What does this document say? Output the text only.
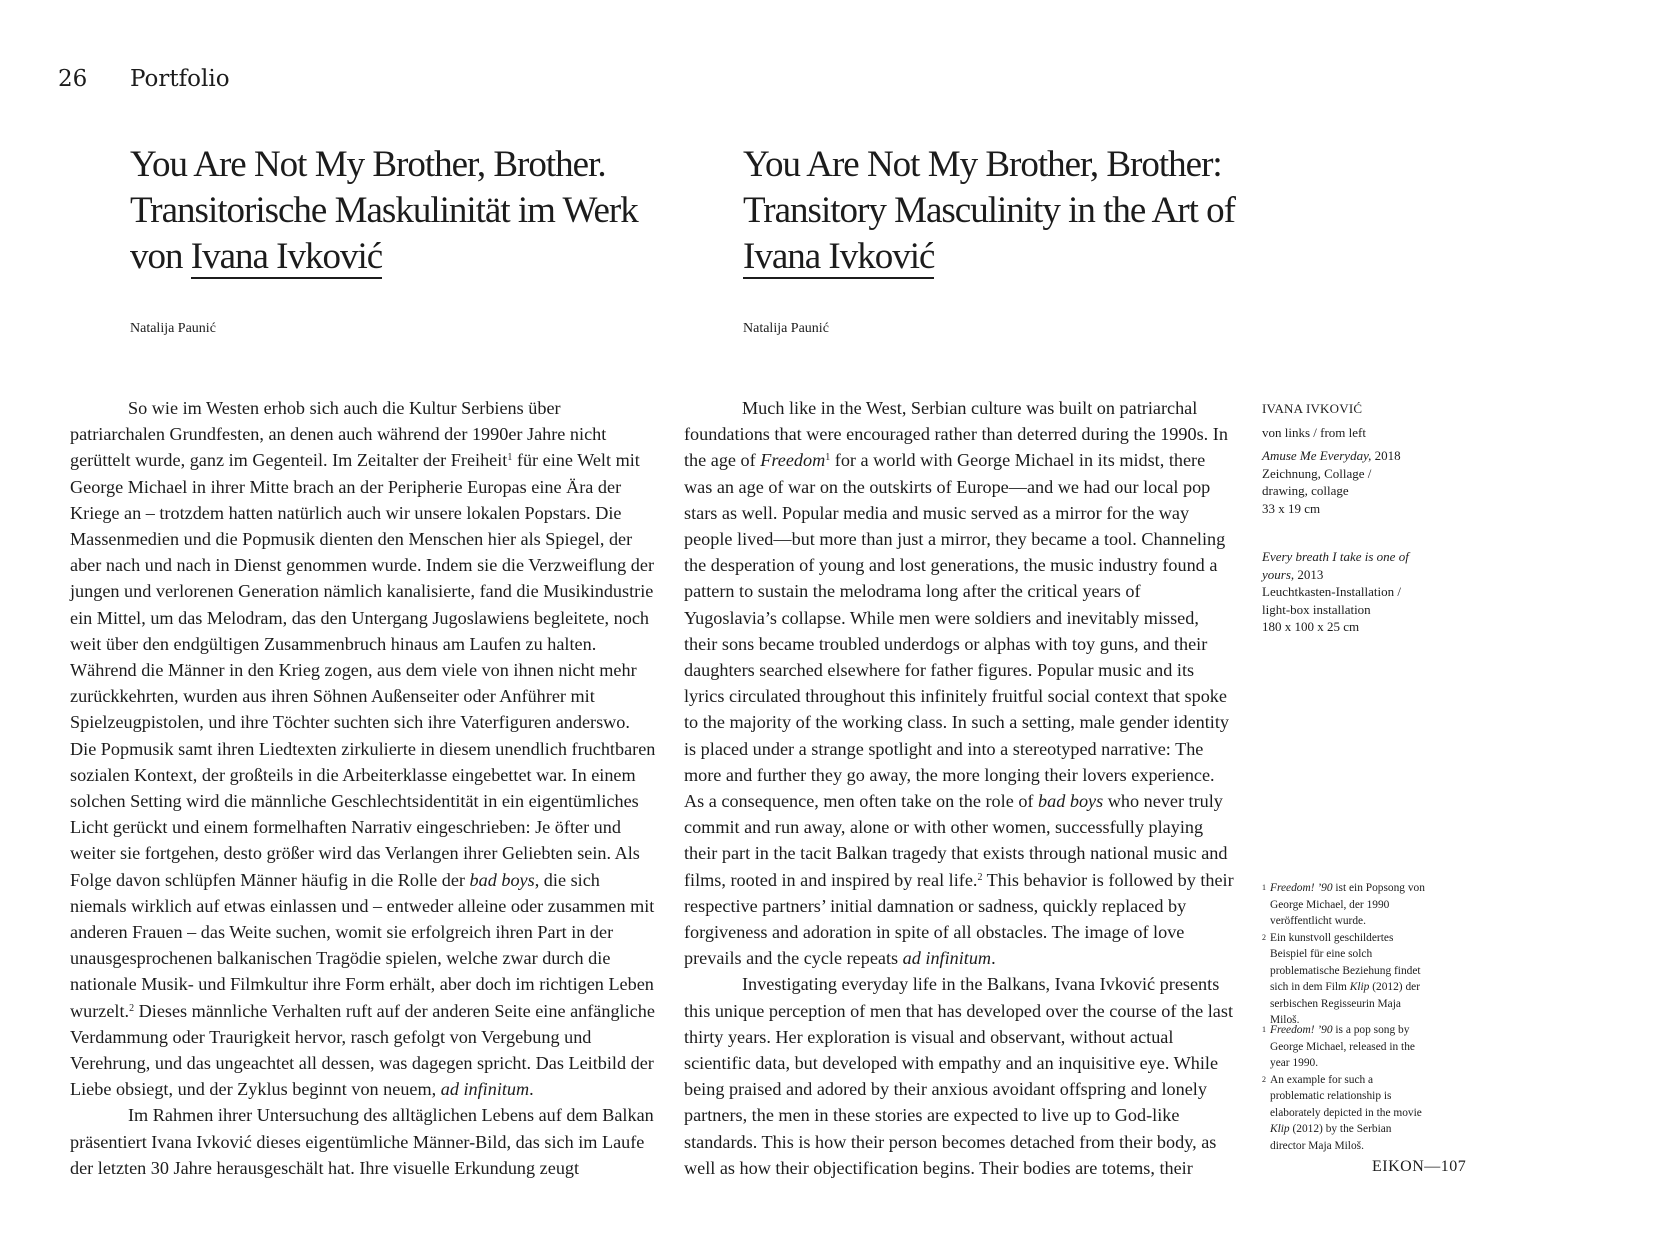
26 Portfolio
You Are Not My Brother, Brother. Transitorische Maskulinität im Werk von Ivana Ivković
You Are Not My Brother, Brother: Transitory Masculinity in the Art of Ivana Ivković
Natalija Paunić	Natalija Paunić

So wie im Westen erhob sich auch die Kultur Serbiens über patriarchalen Grundfesten, an denen auch während der 1990er Jahre nicht gerüttelt wurde, ganz im Gegenteil. Im Zeitalter der Freiheit$^1$ für eine Welt mit George Michael in ihrer Mitte brach an der Peripherie Europas eine Ära der Kriege an – trotzdem hatten natürlich auch wir unsere lokalen Popstars. Die Massenmedien und die Popmusik dienten den Menschen hier als Spiegel, der aber nach und nach in Dienst genommen wurde. Indem sie die Verzweiflung der jungen und verlorenen Generation nämlich kanalisierte, fand die Musikindustrie ein Mittel, um das Melodram, das den Untergang Jugoslawiens begleitete, noch weit über den endgültigen Zusammenbruch hinaus am Laufen zu halten. Während die Männer in den Krieg zogen, aus dem viele von ihnen nicht mehr zurückkehrten, wurden aus ihren Söhnen Außenseiter oder Anführer mit Spielzeugpistolen, und ihre Töchter suchten sich ihre Vaterfiguren anderswo. Die Popmusik samt ihren Liedtexten zirkulierte in diesem unendlich fruchtbaren sozialen Kontext, der großteils in die Arbeiterklasse eingebettet war. In einem solchen Setting wird die männliche Geschlechtsidentität in ein eigentümliches Licht gerückt und einem formelhaften Narrativ eingeschrieben: Je öfter und weiter sie fortgehen, desto größer wird das Verlangen ihrer Geliebten sein. Als Folge davon schlüpfen Männer häufig in die Rolle der bad boys, die sich niemals wirklich auf etwas einlassen und – entweder alleine oder zusammen mit anderen Frauen – das Weite suchen, womit sie erfolgreich ihren Part in der unausgesprochenen balkanischen Tragödie spielen, welche zwar durch die nationale Musik- und Filmkultur ihre Form erhält, aber doch im richtigen Leben wurzelt.$^2$ Dieses männliche Verhalten ruft auf der anderen Seite eine anfängliche Verdammung oder Traurigkeit hervor, rasch gefolgt von Vergebung und Verehrung, und das ungeachtet all dessen, was dagegen spricht. Das Leitbild der Liebe obsiegt, und der Zyklus beginnt von neuem, ad infinitum.

Im Rahmen ihrer Untersuchung des alltäglichen Lebens auf dem Balkan präsentiert Ivana Ivković dieses eigentümliche Männer-Bild, das sich im Laufe der letzten 30 Jahre herausgeschält hat. Ihre visuelle Erkundung zeugt

Much like in the West, Serbian culture was built on patriarchal foundations that were encouraged rather than deterred during the 1990s. In the age of Freedom$^1$ for a world with George Michael in its midst, there was an age of war on the outskirts of Europe—and we had our local pop stars as well. Popular media and music served as a mirror for the way people lived—but more than just a mirror, they became a tool. Channeling the desperation of young and lost generations, the music industry found a pattern to sustain the melodrama long after the critical years of Yugoslavia’s collapse. While men were soldiers and inevitably missed, their sons became troubled underdogs or alphas with toy guns, and their daughters searched elsewhere for father figures. Popular music and its lyrics circulated throughout this infinitely fruitful social context that spoke to the majority of the working class. In such a setting, male gender identity is placed under a strange spotlight and into a stereotyped narrative: The more and further they go away, the more longing their lovers experience. As a consequence, men often take on the role of bad boys who never truly commit and run away, alone or with other women, successfully playing their part in the tacit Balkan tragedy that exists through national music and films, rooted in and inspired by real life.$^2$ This behavior is followed by their respective partners’ initial damnation or sadness, quickly replaced by forgiveness and adoration in spite of all obstacles. The image of love prevails and the cycle repeats ad infinitum.

Investigating everyday life in the Balkans, Ivana Ivković presents this unique perception of men that has developed over the course of the last thirty years. Her exploration is visual and observant, without actual scientific data, but developed with empathy and an inquisitive eye. While being praised and adored by their anxious avoidant offspring and lonely partners, the men in these stories are expected to live up to God-like standards. This is how their person becomes detached from their body, as well as how their objectification begins. Their bodies are totems, their

IVANA IVKOVIĆ
von links / from left
Amuse Me Everyday, 2018
Zeichnung, Collage / drawing, collage
33 x 19 cm
Every breath I take is one of yours, 2013
Leuchtkasten-Installation / light-box installation
180 x 100 x 25 cm
1 Freedom! ’90 ist ein Popsong von George Michael, der 1990 veröffentlicht wurde.
2 Ein kunstvoll geschildertes Beispiel für eine solch problematische Beziehung findet sich in dem Film Klip (2012) der serbischen Regisseurin Maja Miloš.
1 Freedom! ’90 is a pop song by George Michael, released in the year 1990.
2 An example for such a problematic relationship is elaborately depicted in the movie Klip (2012) by the Serbian director Maja Miloš.
EIKON—107
